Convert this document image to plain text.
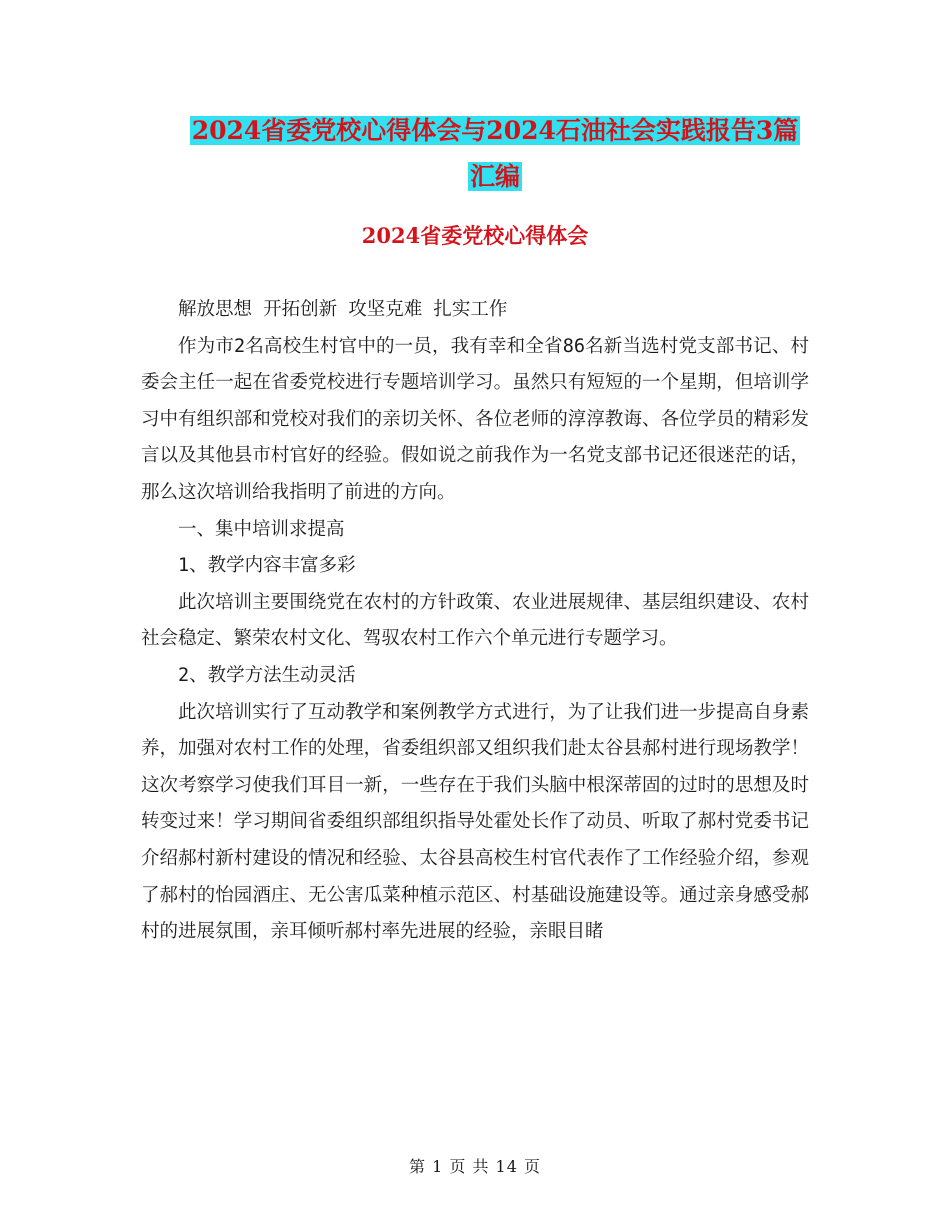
2024省委党校心得体会与2024石油社会实践报告3篇
汇编
2024省委党校心得体会

解放思想 开拓创新 攻坚克难 扎实工作

作为市2名高校生村官中的一员，我有幸和全省86名新当选村党支部书记、村委会主任一起在省委党校进行专题培训学习。虽然只有短短的一个星期，但培训学习中有组织部和党校对我们的亲切关怀、各位老师的淳淳教诲、各位学员的精彩发言以及其他县市村官好的经验。假如说之前我作为一名党支部书记还很迷茫的话，那么这次培训给我指明了前进的方向。

一、集中培训求提高

1、教学内容丰富多彩

此次培训主要围绕党在农村的方针政策、农业进展规律、基层组织建设、农村社会稳定、繁荣农村文化、驾驭农村工作六个单元进行专题学习。

2、教学方法生动灵活

此次培训实行了互动教学和案例教学方式进行，为了让我们进一步提高自身素养，加强对农村工作的处理，省委组织部又组织我们赴太谷县郝村进行现场教学！这次考察学习使我们耳目一新，一些存在于我们头脑中根深蒂固的过时的思想及时转变过来！学习期间省委组织部组织指导处霍处长作了动员、听取了郝村党委书记介绍郝村新村建设的情况和经验、太谷县高校生村官代表作了工作经验介绍，参观了郝村的怡园酒庄、无公害瓜菜种植示范区、村基础设施建设等。通过亲身感受郝村的进展氛围，亲耳倾听郝村率先进展的经验，亲眼目睹

第 1 页 共 14 页
